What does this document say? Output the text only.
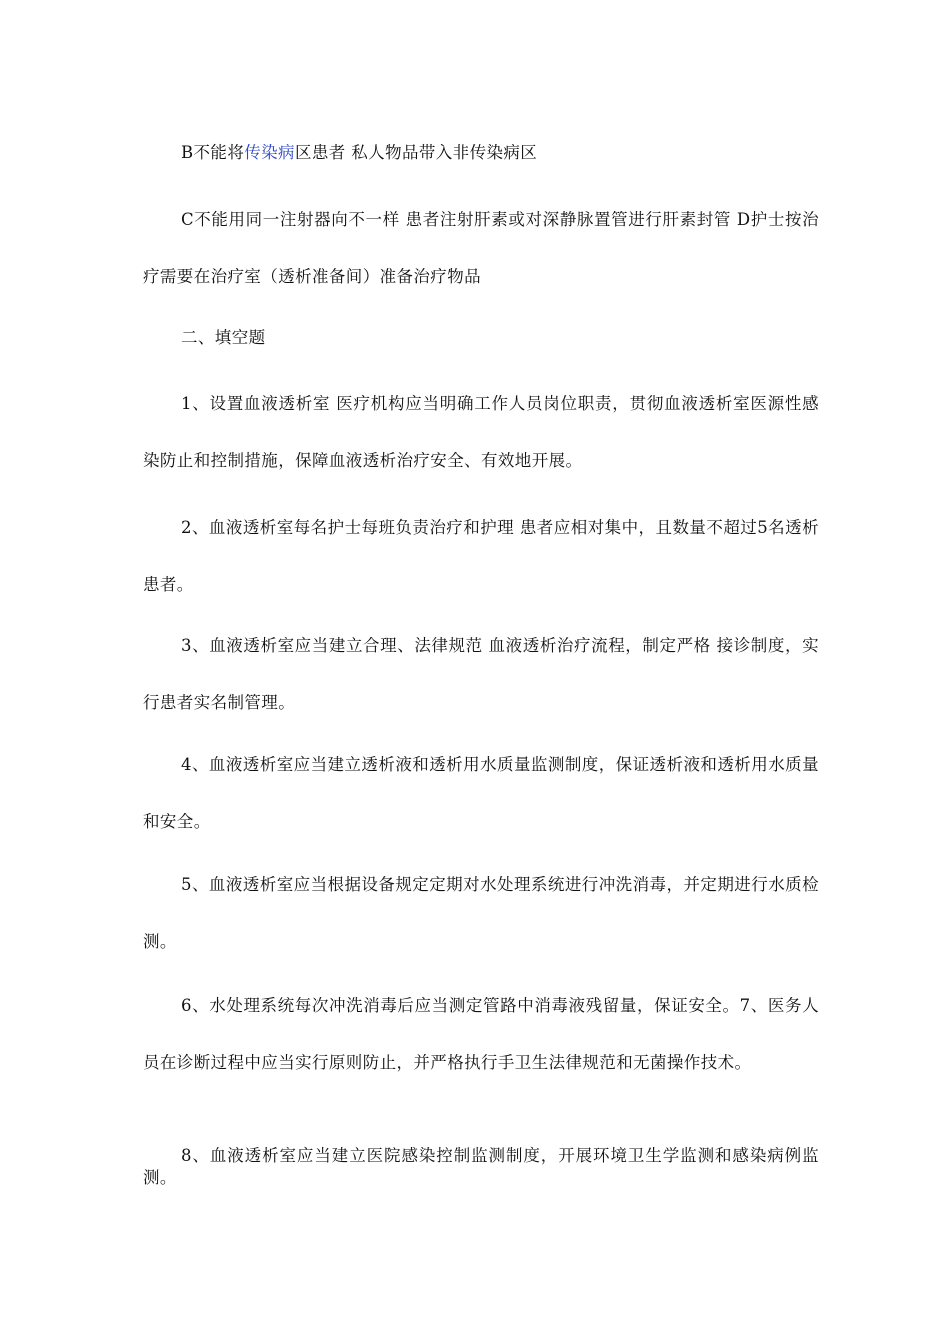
B不能将传染病区患者 私人物品带入非传染病区

C不能用同一注射器向不一样 患者注射肝素或对深静脉置管进行肝素封管 D护士按治疗需要在治疗室（透析准备间）准备治疗物品

二、填空题

1、设置血液透析室 医疗机构应当明确工作人员岗位职责，贯彻血液透析室医源性感染防止和控制措施，保障血液透析治疗安全、有效地开展。

2、血液透析室每名护士每班负责治疗和护理 患者应相对集中，且数量不超过5名透析患者。

3、血液透析室应当建立合理、法律规范 血液透析治疗流程，制定严格 接诊制度，实行患者实名制管理。

4、血液透析室应当建立透析液和透析用水质量监测制度，保证透析液和透析用水质量和安全。

5、血液透析室应当根据设备规定定期对水处理系统进行冲洗消毒，并定期进行水质检测。

6、水处理系统每次冲洗消毒后应当测定管路中消毒液残留量，保证安全。7、医务人员在诊断过程中应当实行原则防止，并严格执行手卫生法律规范和无菌操作技术。

8、血液透析室应当建立医院感染控制监测制度，开展环境卫生学监测和感染病例监测。
